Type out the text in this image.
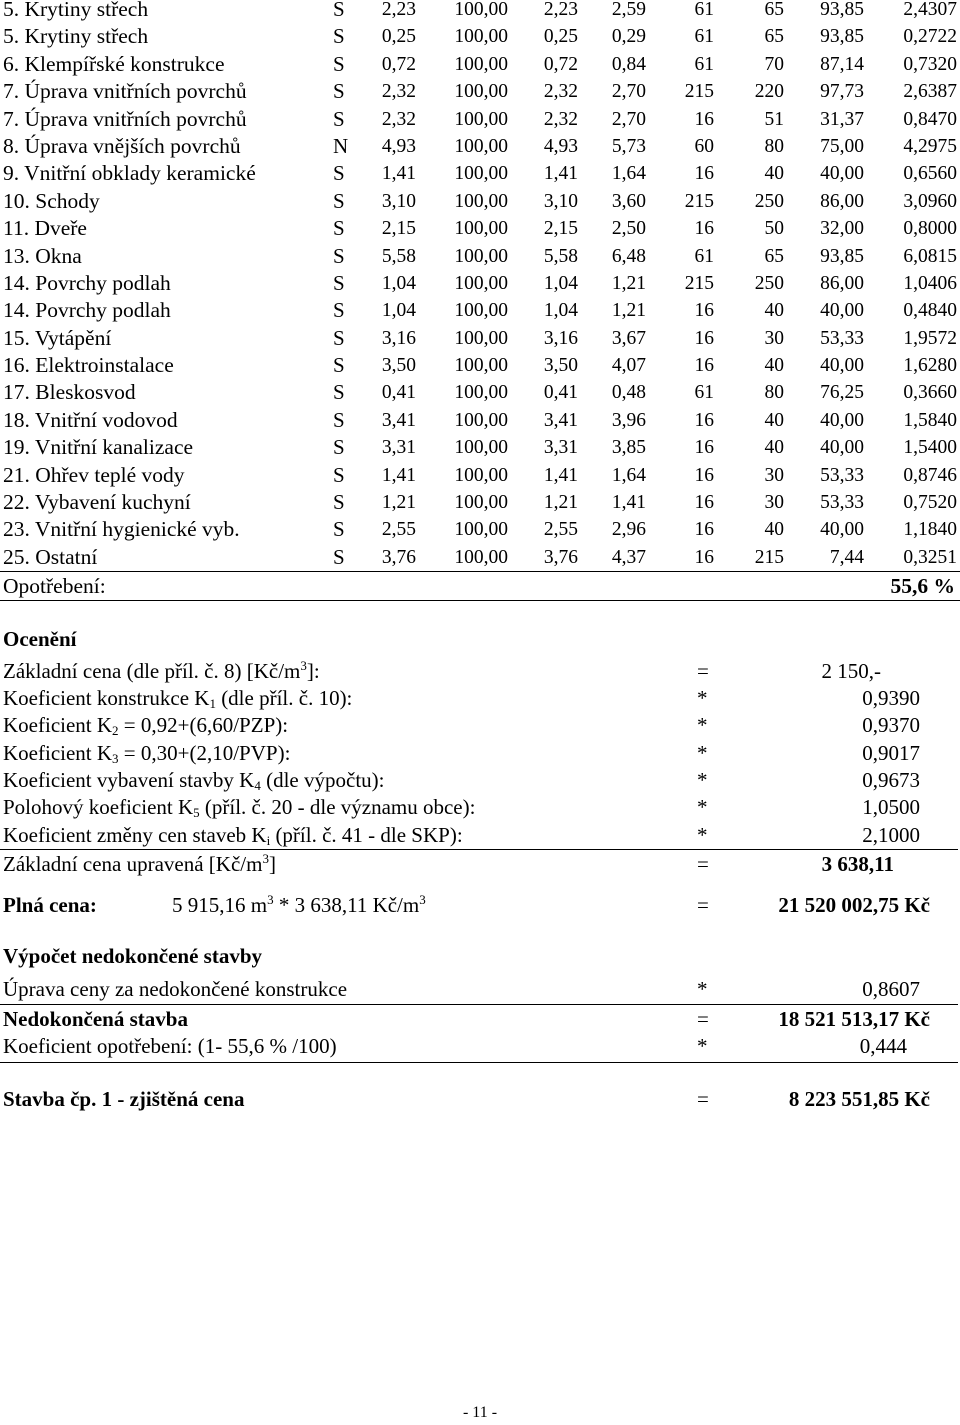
5. Krytiny střech	S 2,23 100,00 2,23 2,59 61	65 93,85 2,4307
5. Krytiny střech	S 0,25 100,00 0,25 0,29 61	65 93,85 0,2722
6. Klempířské konstrukce	S 0,72 100,00 0,72 0,84 61	70 87,14 0,7320
7. Úprava vnitřních povrchů	S 2,32 100,00 2,32 2,70 215 220 97,73 2,6387
7. Úprava vnitřních povrchů	S 2,32 100,00 2,32 2,70 16	51 31,37 0,8470
8. Úprava vnějších povrchů	N 4,93 100,00 4,93 5,73 60	80 75,00 4,2975
9. Vnitřní obklady keramické	S 1,41 100,00 1,41 1,64 16	40 40,00 0,6560
10. Schody	S 3,10 100,00 3,10 3,60 215 250 86,00 3,0960
11. Dveře	S 2,15 100,00 2,15 2,50 16	50 32,00 0,8000
13. Okna	S 5,58 100,00 5,58 6,48 61	65 93,85 6,0815
14. Povrchy podlah	S 1,04 100,00 1,04 1,21 215 250 86,00 1,0406
14. Povrchy podlah	S 1,04 100,00 1,04 1,21 16	40 40,00 0,4840
15. Vytápění	S 3,16 100,00 3,16 3,67 16	30 53,33 1,9572
16. Elektroinstalace	S 3,50 100,00 3,50 4,07 16	40 40,00 1,6280
17. Bleskosvod	S 0,41 100,00 0,41 0,48 61	80 76,25 0,3660
18. Vnitřní vodovod	S 3,41 100,00 3,41 3,96 16	40 40,00 1,5840
19. Vnitřní kanalizace	S 3,31 100,00 3,31 3,85 16	40 40,00 1,5400
21. Ohřev teplé vody	S 1,41 100,00 1,41 1,64 16	30 53,33 0,8746
22. Vybavení kuchyní	S 1,21 100,00 1,21 1,41 16	30 53,33 0,7520
23. Vnitřní hygienické vyb.	S 2,55 100,00 2,55 2,96 16	40 40,00 1,1840
25. Ostatní	S 3,76 100,00 3,76 4,37 16 215 7,44 0,3251
Opotřebení:	55,6 %
Ocenění
Základní cena (dle příl. č. 8) $[Kč/m^3]$:	=	2 150,-
Koeficient konstrukce $K_1$ (dle příl. č. 10):	*	0,9390
Koeficient $K_2 = 0,92+(6,60/PZP)$:	*	0,9370
Koeficient $K_3 = 0,30+(2,10/PVP)$:	*	0,9017
Koeficient vybavení stavby $K_4$ (dle výpočtu):	*	0,9673
Polohový koeficient $K_5$ (příl. č. 20 - dle významu obce):	*	1,0500
Koeficient změny cen staveb $K_i$ (příl. č. 41 - dle SKP):	*	2,1000
Základní cena upravená $[Kč/m^3]$	=	3 638,11
Plná cena:	5 915,16 $m^3 * 3$ 638,11 $Kč/m^3$	=	21 520 002,75 Kč
Výpočet nedokončené stavby
Úprava ceny za nedokončené konstrukce	*	0,8607
Nedokončená stavba	=	18 521 513,17 Kč
Koeficient opotřebení: (1- 55,6 % /100)	*	0,444
Stavba čp. 1 - zjištěná cena	=	8 223 551,85 Kč
- 11 -
